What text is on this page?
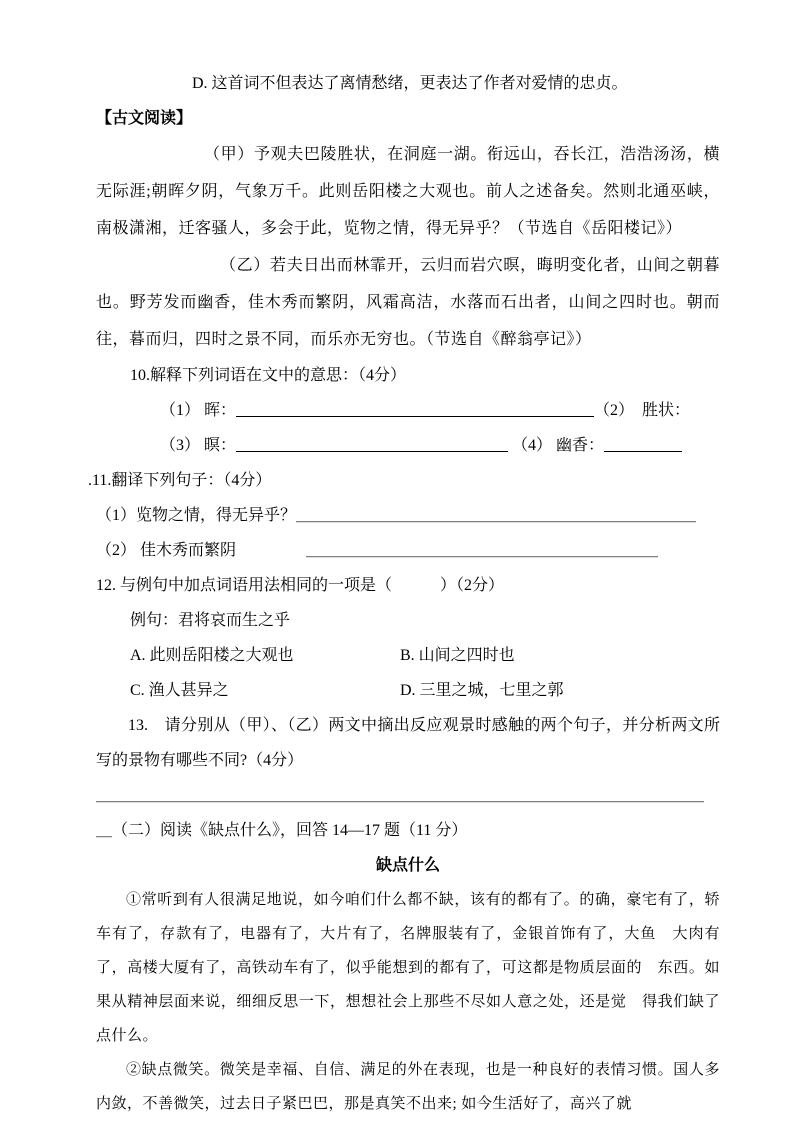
D. 这首词不但表达了离情愁绪，更表达了作者对爱情的忠贞。
【古文阅读】

（甲）予观夫巴陵胜状，在洞庭一湖。衔远山，吞长江，浩浩汤汤，横无际涯;朝晖夕阴，气象万千。此则岳阳楼之大观也。前人之述备矣。然则北通巫峡，南极潇湘，迁客骚人，多会于此，览物之情，得无异乎？（节选自《岳阳楼记》）

（乙）若夫日出而林霏开，云归而岩穴暝，晦明变化者，山间之朝暮也。野芳发而幽香，佳木秀而繁阴，风霜高洁，水落而石出者，山间之四时也。朝而往，暮而归，四时之景不同，而乐亦无穷也。（节选自《醉翁亭记》）

10.解释下列词语在文中的意思：（4分）
（1） 晖：	（2）　胜状：
（3） 暝：	（4） 幽香：
.11.翻译下列句子：（4分）
（1）览物之情，得无异乎？＿＿＿＿＿＿＿＿＿＿＿＿＿＿＿＿＿＿＿＿＿＿＿＿＿
（2） 佳木秀而繁阴	＿＿＿＿＿＿＿＿＿＿＿＿＿＿＿＿＿＿＿＿＿＿
12. 与例句中加点词语用法相同的一项是（　　　）（2分）
例句：君将哀而生之乎
A. 此则岳阳楼之大观也	B. 山间之四时也
C. 渔人甚异之	D. 三里之城，七里之郭

13.　请分别从（甲）、（乙）两文中摘出反应观景时感触的两个句子，并分析两文所写的景物有哪些不同?（4分）

＿＿＿＿＿＿＿＿＿＿＿＿＿＿＿＿＿＿＿＿＿＿＿＿＿＿＿＿＿＿＿＿＿＿＿＿＿＿
＿（二）阅读《缺点什么》，回答 14—17 题（11 分）
缺点什么

①常听到有人很满足地说，如今咱们什么都不缺，该有的都有了。的确，豪宅有了，轿车有了，存款有了，电器有了，大片有了，名牌服装有了，金银首饰有了，大鱼　大肉有了，高楼大厦有了，高铁动车有了，似乎能想到的都有了，可这都是物质层面的　东西。如果从精神层面来说，细细反思一下，想想社会上那些不尽如人意之处，还是觉　得我们缺了点什么。

②缺点微笑。微笑是幸福、自信、满足的外在表现，也是一种良好的表情习惯。国人多内敛，不善微笑，过去日子紧巴巴，那是真笑不出来; 如今生活好了，高兴了就
